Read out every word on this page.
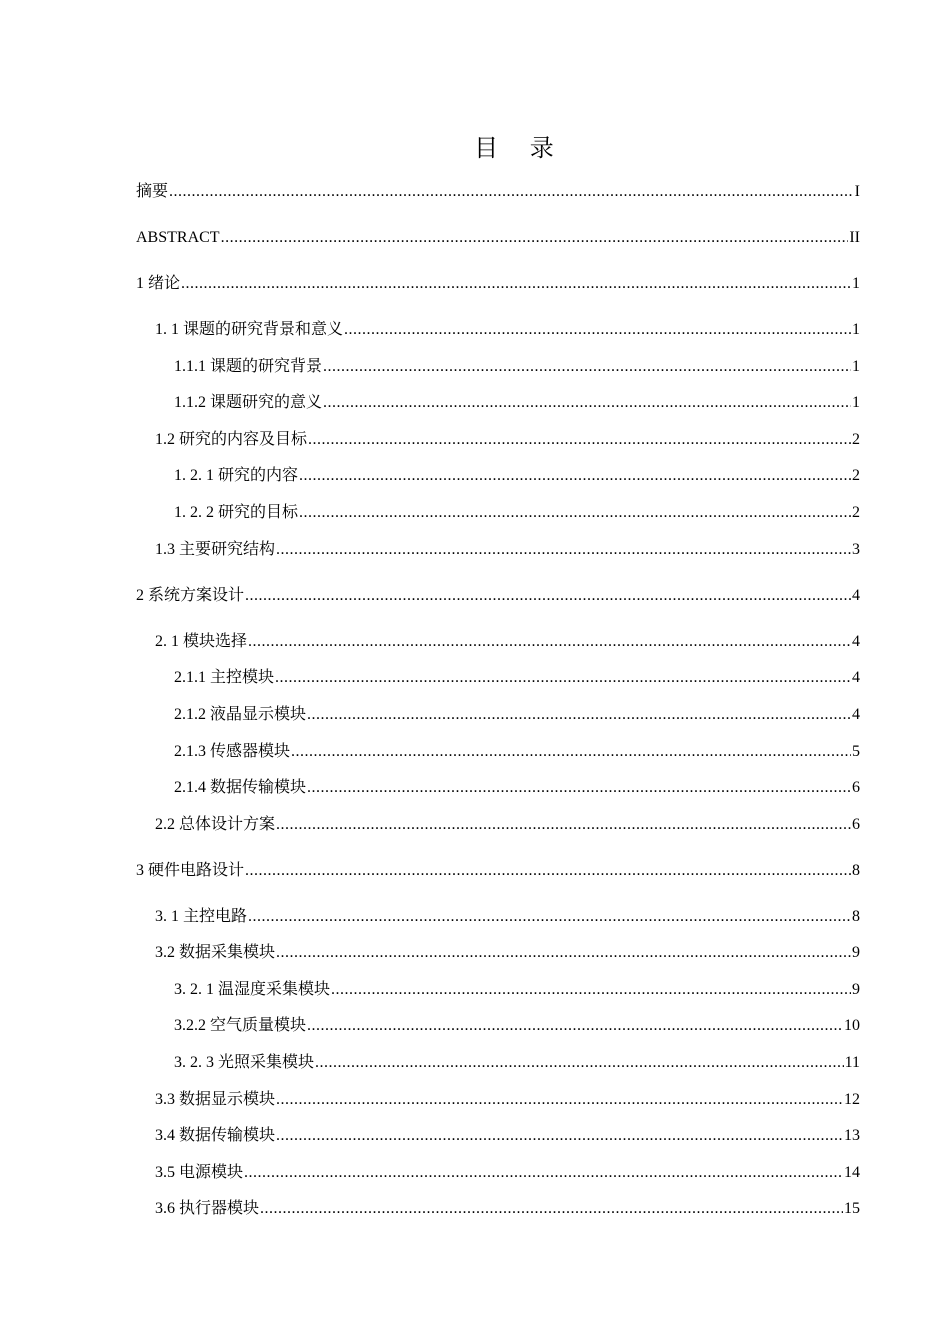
目 录
摘要 .....	I
ABSTRACT .....	II
1 绪论 .....	1
1. 1 课题的研究背景和意义 .....	1
1.1.1 课题的研究背景 .....	1
1.1.2 课题研究的意义 .....	1
1.2 研究的内容及目标 .....	2
1. 2. 1 研究的内容 .....	2
1. 2. 2 研究的目标 .....	2
1.3 主要研究结构 .....	3
2 系统方案设计 .....	4
2. 1 模块选择 .....	4
2.1.1 主控模块 .....	4
2.1.2 液晶显示模块 .....	4
2.1.3 传感器模块 .....	5
2.1.4 数据传输模块 .....	6
2.2 总体设计方案 .....	6
3 硬件电路设计 .....	8
3. 1 主控电路 .....	8
3.2 数据采集模块 .....	9
3. 2. 1 温湿度采集模块 .....	9
3.2.2 空气质量模块 .....	10
3. 2. 3 光照采集模块 .....	11
3.3 数据显示模块 .....	12
3.4 数据传输模块 .....	13
3.5 电源模块 .....	14
3.6 执行器模块 .....	15
